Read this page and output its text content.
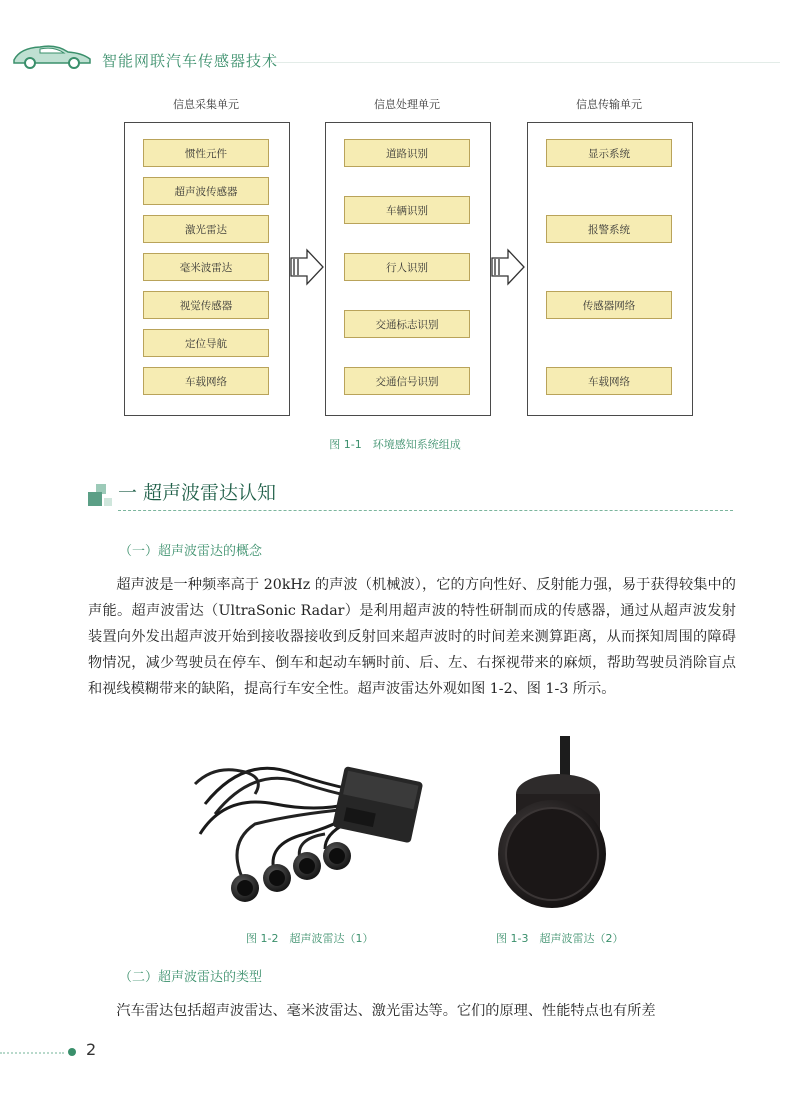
智能网联汽车传感器技术
信息采集单元	信息处理单元	信息传输单元
惯性元件
超声波传感器
激光雷达
毫米波雷达
视觉传感器
定位导航
车载网络
道路识别
车辆识别
行人识别
交通标志识别
交通信号识别
显示系统
报警系统
传感器网络
车载网络
图 1-1　环境感知系统组成
一 超声波雷达认知
（一）超声波雷达的概念
超声波是一种频率高于 20kHz 的声波（机械波），它的方向性好、反射能力强，易于获得较集中的声能。超声波雷达（UltraSonic Radar）是利用超声波的特性研制而成的传感器，通过从超声波发射装置向外发出超声波开始到接收器接收到反射回来超声波时的时间差来测算距离，从而探知周围的障碍物情况，减少驾驶员在停车、倒车和起动车辆时前、后、左、右探视带来的麻烦，帮助驾驶员消除盲点和视线模糊带来的缺陷，提高行车安全性。超声波雷达外观如图 1-2、图 1-3 所示。
图 1-2　超声波雷达（1）	图 1-3　超声波雷达（2）
（二）超声波雷达的类型
汽车雷达包括超声波雷达、毫米波雷达、激光雷达等。它们的原理、性能特点也有所差
2
